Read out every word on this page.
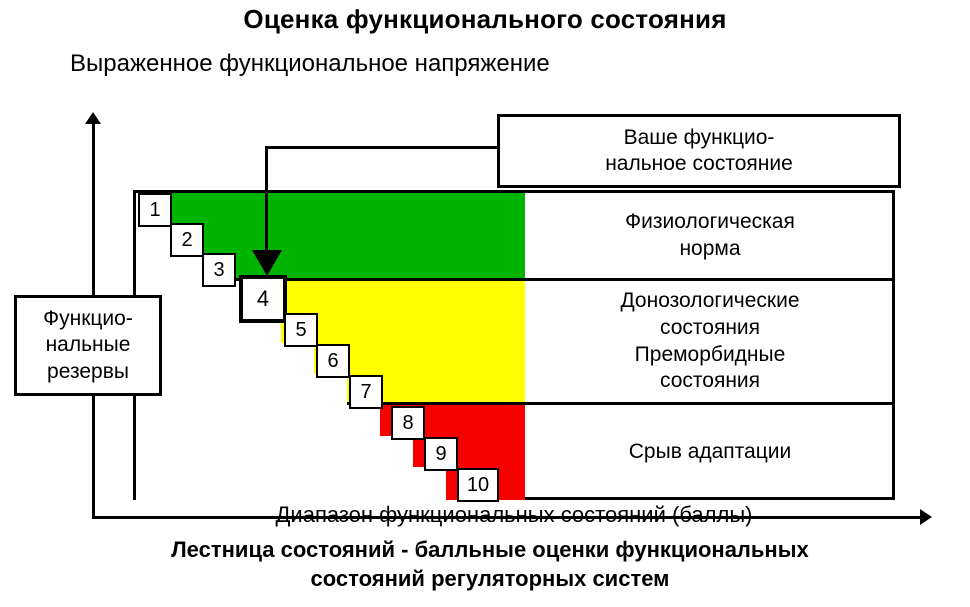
Оценка функционального состояния
Выраженное функциональное напряжение
Физиологическая
норма
Донозологические
состояния
Преморбидные
состояния
Срыв адаптации
1
2
3
4
5
6
7
8
9
10
Ваше функцио-
нальное состояние
Функцио-
нальные
резервы
Диапазон функциональных состояний (баллы)
Лестница состояний - балльные оценки функциональных
состояний регуляторных систем
